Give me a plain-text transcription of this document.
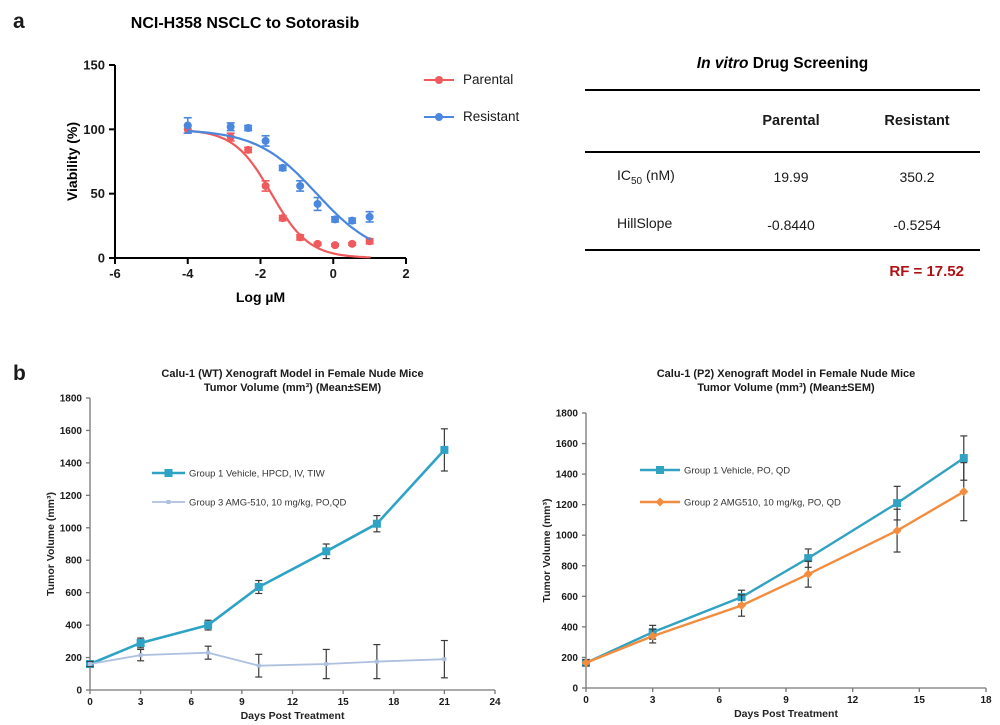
a	NCI-H358 NSCLC to Sotorasib
-6	-4	-2	0	2
0
50
100
150
Log µM
Viability (%)
Parental
Resistant
In vitro Drug Screening
Parental	Resistant
$IC_{50}$ (nM)	19.99	350.2
HillSlope	-0.8440	-0.5254
RF = 17.52
b	Calu-1 (WT) Xenograft Model in Female Nude Mice
Tumor Volume (mm³) (Mean±SEM)
0	3	6	9	12	15	18	21	24
0
200
400
600
800
1000
1200
1400
1600
1800
Days Post Treatment
Tumor Volume (mm³)
Group 1 Vehicle, HPCD, IV, TIW
Group 3 AMG-510, 10 mg/kg, PO,QD
Calu-1 (P2) Xenograft Model in Female Nude Mice
Tumor Volume (mm³) (Mean±SEM)
0	3	6	9	12	15	18
0
200
400
600
800
1000
1200
1400
1600
1800
Days Post Treatment
Tumor Volume (mm³)
Group 1 Vehicle, PO, QD
Group 2 AMG510, 10 mg/kg, PO, QD
